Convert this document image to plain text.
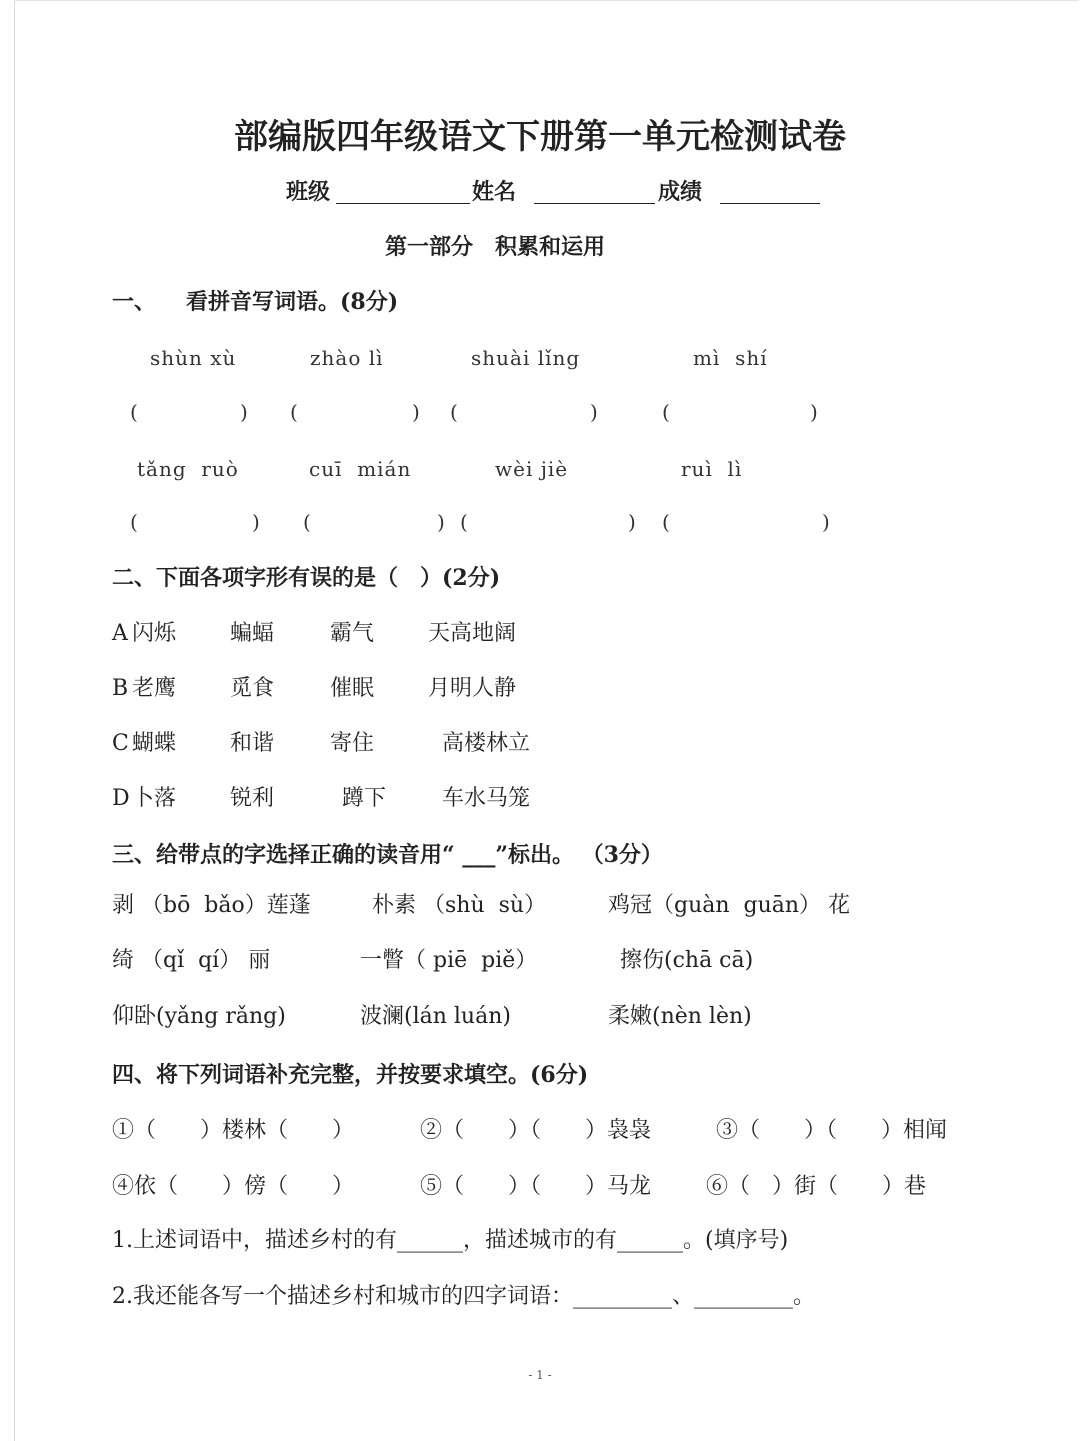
部编版四年级语文下册第一单元检测试卷
班级	姓名	成绩
第一部分　积累和运用
一、 看拼音写词语。(8分)
shùn xù	zhào lì	shuài lǐng	mì  shí
tǎng  ruò	cuī  mián	wèi jiè	ruì  lì
(	) (	) (	)	(	)
(	) (	) (	) (	)
二、下面各项字形有误的是（　）(2分)
A 闪烁 蝙蝠	霸气 天高地阔
B 老鹰 觅食	催眠 月明人静
C 蝴蝶 和谐	寄住	高楼林立
D 卜落 锐利	蹲下	车水马笼
三、给带点的字选择正确的读音用“ ___”标出。 （3分）
剥 （bō  bǎo）莲蓬	朴素 （shù  sù）	鸡冠（guàn  guān） 花
绮 （qǐ  qí） 丽	一瞥（ piē  piě）	擦伤(chā cā)
仰卧(yǎng rǎng)	波澜(lán luán)	柔嫩(nèn lèn)
四、将下列词语补充完整，并按要求填空。(6分)
①（　　）楼林（　　）	②（　　）（　　）袅袅	③（　　）（　　）相闻
④依（　　）傍（　　）	⑤（　　）（　　）马龙 ⑥（　）街（　　）巷
1.上述词语中，描述乡村的有______，描述城市的有______。(填序号)
2.我还能各写一个描述乡村和城市的四字词语：_________、_________。
- 1 -
